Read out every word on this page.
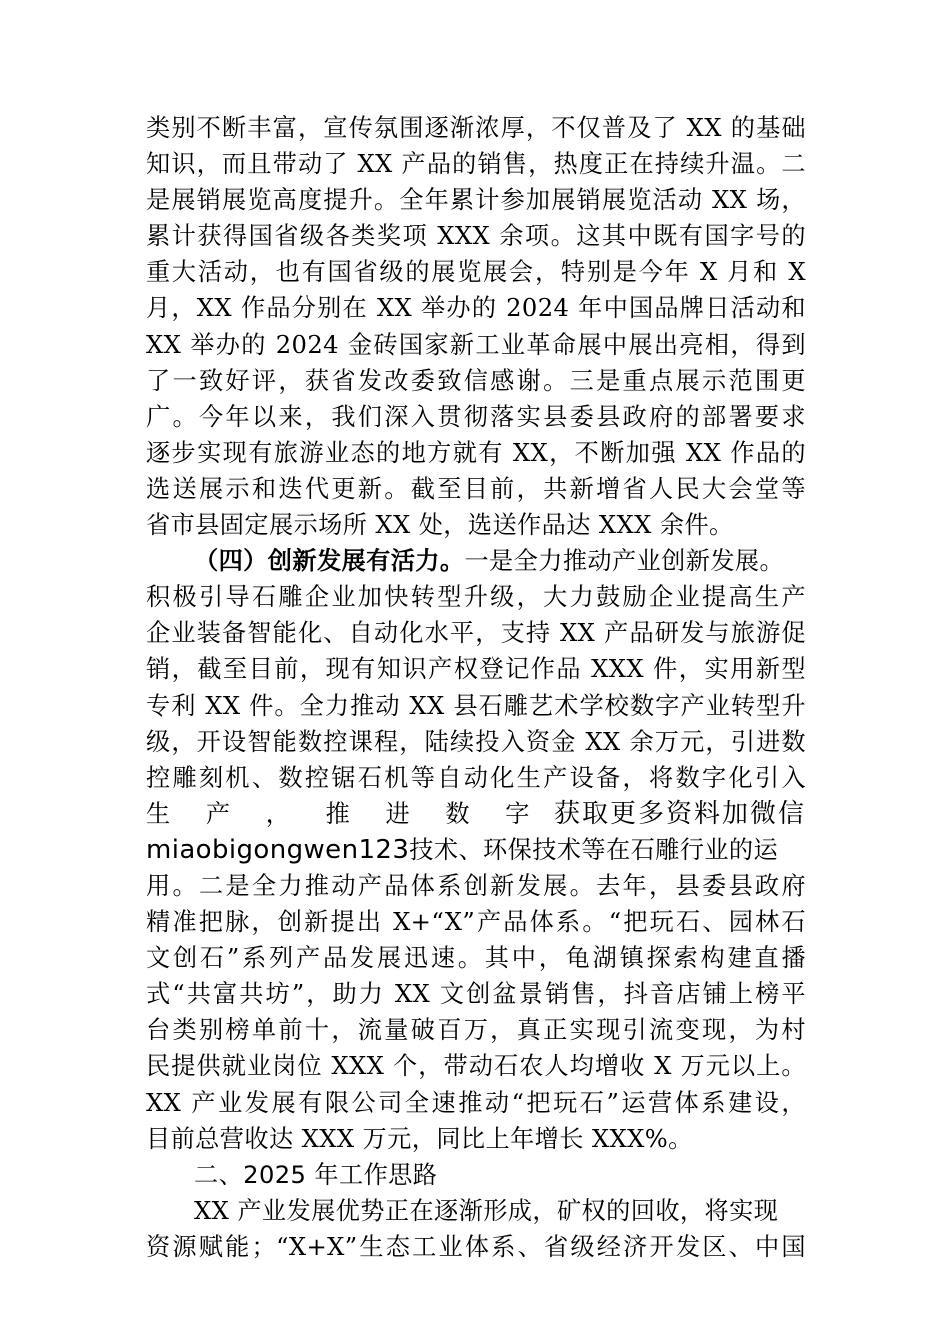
类别不断丰富，宣传氛围逐渐浓厚，不仅普及了 XX 的基础
知识，而且带动了 XX 产品的销售，热度正在持续升温。二
是展销展览高度提升。全年累计参加展销展览活动 XX 场，
累计获得国省级各类奖项 XXX 余项。这其中既有国字号的
重大活动，也有国省级的展览展会，特别是今年 X 月和 X
月，XX 作品分别在 XX 举办的 2024 年中国品牌日活动和
XX 举办的 2024 金砖国家新工业革命展中展出亮相，得到
了一致好评，获省发改委致信感谢。三是重点展示范围更
广。今年以来，我们深入贯彻落实县委县政府的部署要求
逐步实现有旅游业态的地方就有 XX，不断加强 XX 作品的
选送展示和迭代更新。截至目前，共新增省人民大会堂等
省市县固定展示场所 XX 处，选送作品达 XXX 余件。
（四）创新发展有活力。一是全力推动产业创新发展。
积极引导石雕企业加快转型升级，大力鼓励企业提高生产
企业装备智能化、自动化水平，支持 XX 产品研发与旅游促
销，截至目前，现有知识产权登记作品 XXX 件，实用新型
专利 XX 件。全力推动 XX 县石雕艺术学校数字产业转型升
级，开设智能数控课程，陆续投入资金 XX 余万元，引进数
控雕刻机、数控锯石机等自动化生产设备，将数字化引入
生 产 ， 推 进 数 字 获取更多资料加微信
miaobigongwen123技术、环保技术等在石雕行业的运
用。二是全力推动产品体系创新发展。去年，县委县政府
精准把脉，创新提出 X+“X”产品体系。“把玩石、园林石
文创石”系列产品发展迅速。其中，龟湖镇探索构建直播
式“共富共坊”，助力 XX 文创盆景销售，抖音店铺上榜平
台类别榜单前十，流量破百万，真正实现引流变现，为村
民提供就业岗位 XXX 个，带动石农人均增收 X 万元以上。
XX 产业发展有限公司全速推动“把玩石”运营体系建设，
目前总营收达 XXX 万元，同比上年增长 XXX%。
二、2025 年工作思路
XX 产业发展优势正在逐渐形成，矿权的回收，将实现
资源赋能；“X+X”生态工业体系、省级经济开发区、中国
